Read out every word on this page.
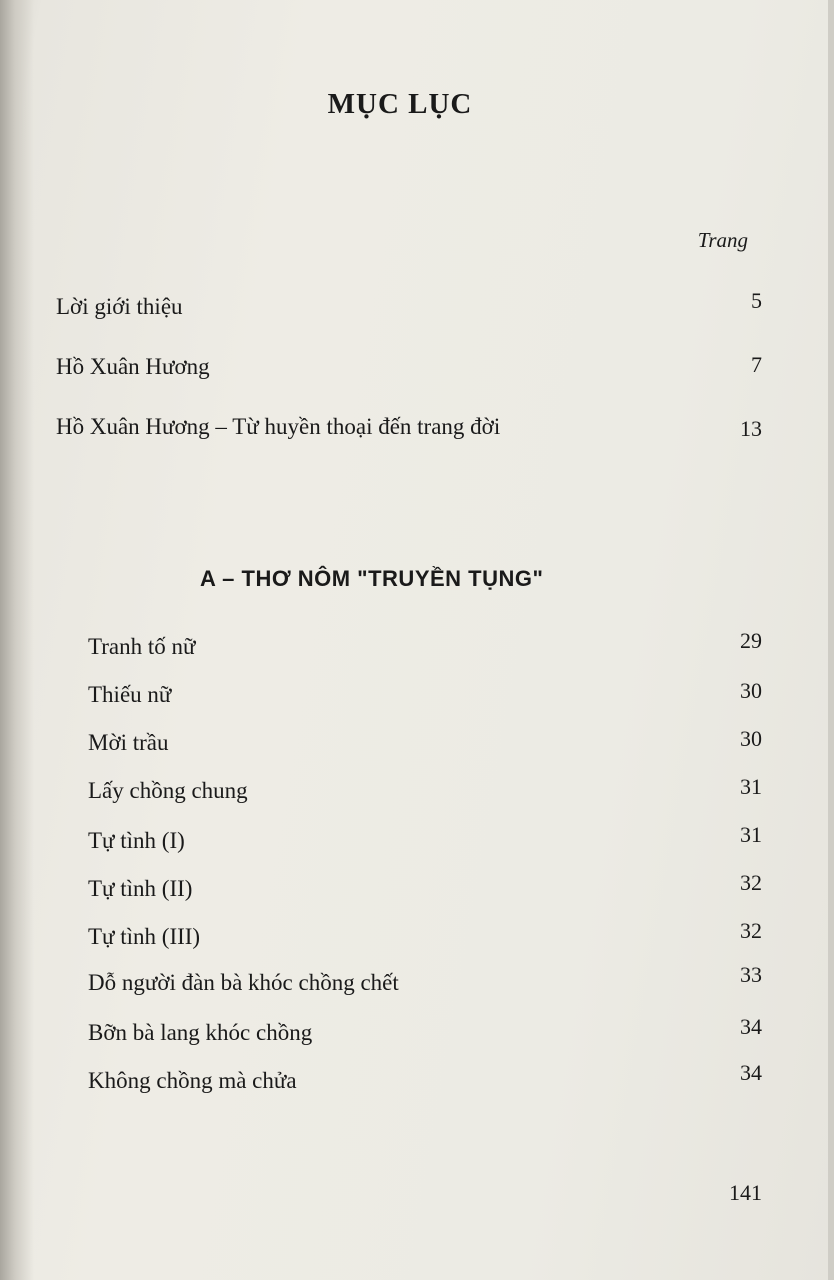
MỤC LỤC
Trang
Lời giới thiệu	5
Hồ Xuân Hương	7
Hồ Xuân Hương – Từ huyền thoại đến trang đời	13
A – THƠ NÔM "TRUYỀN TỤNG"
Tranh tố nữ	29
Thiếu nữ	30
Mời trầu	30
Lấy chồng chung	31
Tự tình (I)	31
Tự tình (II)	32
Tự tình (III)	32
Dỗ người đàn bà khóc chồng chết	33
Bỡn bà lang khóc chồng	34
Không chồng mà chửa	34
141
